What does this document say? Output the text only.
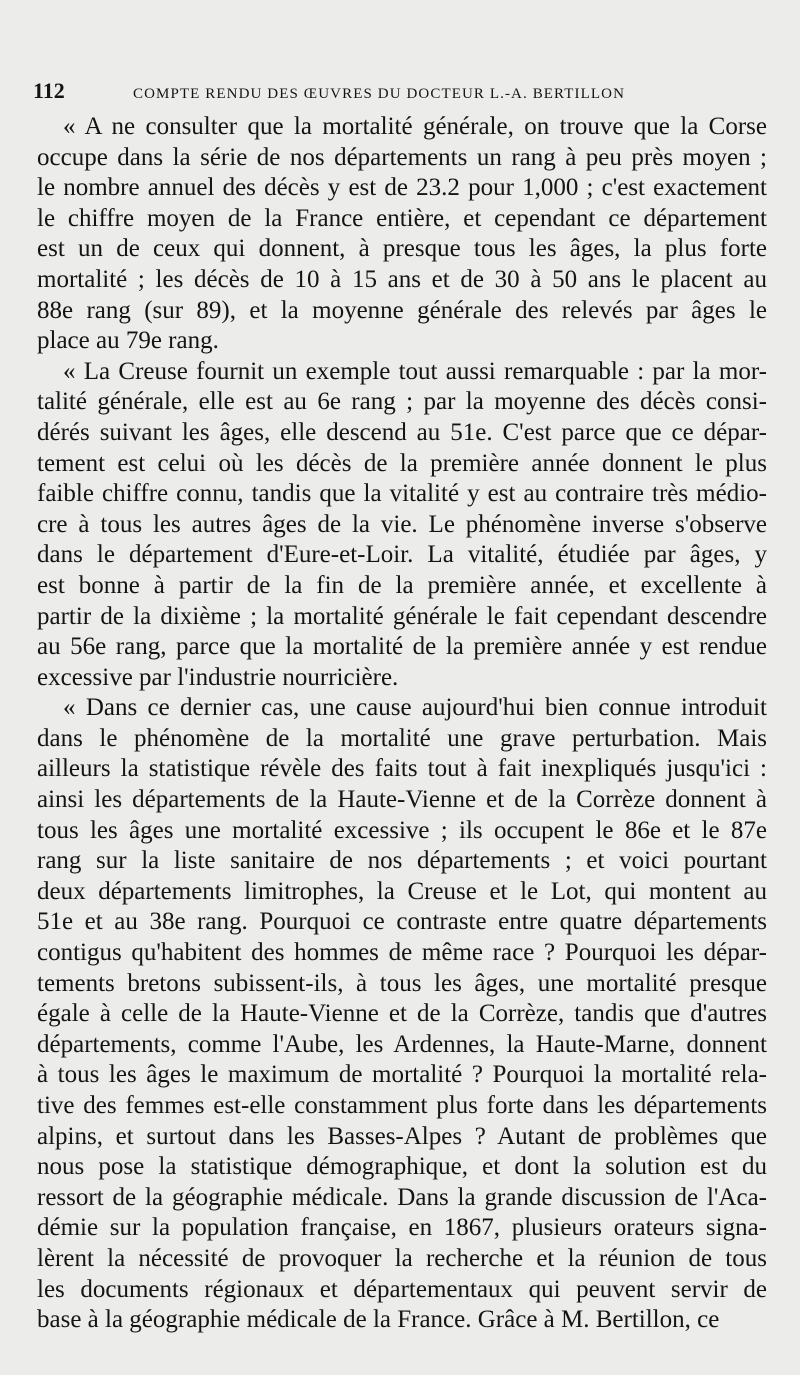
112	COMPTE RENDU DES ŒUVRES DU DOCTEUR L.-A. BERTILLON
« A ne consulter que la mortalité générale, on trouve que la Corse
occupe dans la série de nos départements un rang à peu près moyen ;
le nombre annuel des décès y est de 23.2 pour 1,000 ; c'est exactement
le chiffre moyen de la France entière, et cependant ce département
est un de ceux qui donnent, à presque tous les âges, la plus forte
mortalité ; les décès de 10 à 15 ans et de 30 à 50 ans le placent au
88e rang (sur 89), et la moyenne générale des relevés par âges le
place au 79e rang.
« La Creuse fournit un exemple tout aussi remarquable : par la mor-
talité générale, elle est au 6e rang ; par la moyenne des décès consi-
dérés suivant les âges, elle descend au 51e. C'est parce que ce dépar-
tement est celui où les décès de la première année donnent le plus
faible chiffre connu, tandis que la vitalité y est au contraire très médio-
cre à tous les autres âges de la vie. Le phénomène inverse s'observe
dans le département d'Eure-et-Loir. La vitalité, étudiée par âges, y
est bonne à partir de la fin de la première année, et excellente à
partir de la dixième ; la mortalité générale le fait cependant descendre
au 56e rang, parce que la mortalité de la première année y est rendue
excessive par l'industrie nourricière.
« Dans ce dernier cas, une cause aujourd'hui bien connue introduit
dans le phénomène de la mortalité une grave perturbation. Mais
ailleurs la statistique révèle des faits tout à fait inexpliqués jusqu'ici :
ainsi les départements de la Haute-Vienne et de la Corrèze donnent à
tous les âges une mortalité excessive ; ils occupent le 86e et le 87e
rang sur la liste sanitaire de nos départements ; et voici pourtant
deux départements limitrophes, la Creuse et le Lot, qui montent au
51e et au 38e rang. Pourquoi ce contraste entre quatre départements
contigus qu'habitent des hommes de même race ? Pourquoi les dépar-
tements bretons subissent-ils, à tous les âges, une mortalité presque
égale à celle de la Haute-Vienne et de la Corrèze, tandis que d'autres
départements, comme l'Aube, les Ardennes, la Haute-Marne, donnent
à tous les âges le maximum de mortalité ? Pourquoi la mortalité rela-
tive des femmes est-elle constamment plus forte dans les départements
alpins, et surtout dans les Basses-Alpes ? Autant de problèmes que
nous pose la statistique démographique, et dont la solution est du
ressort de la géographie médicale. Dans la grande discussion de l'Aca-
démie sur la population française, en 1867, plusieurs orateurs signa-
lèrent la nécessité de provoquer la recherche et la réunion de tous
les documents régionaux et départementaux qui peuvent servir de
base à la géographie médicale de la France. Grâce à M. Bertillon, ce
